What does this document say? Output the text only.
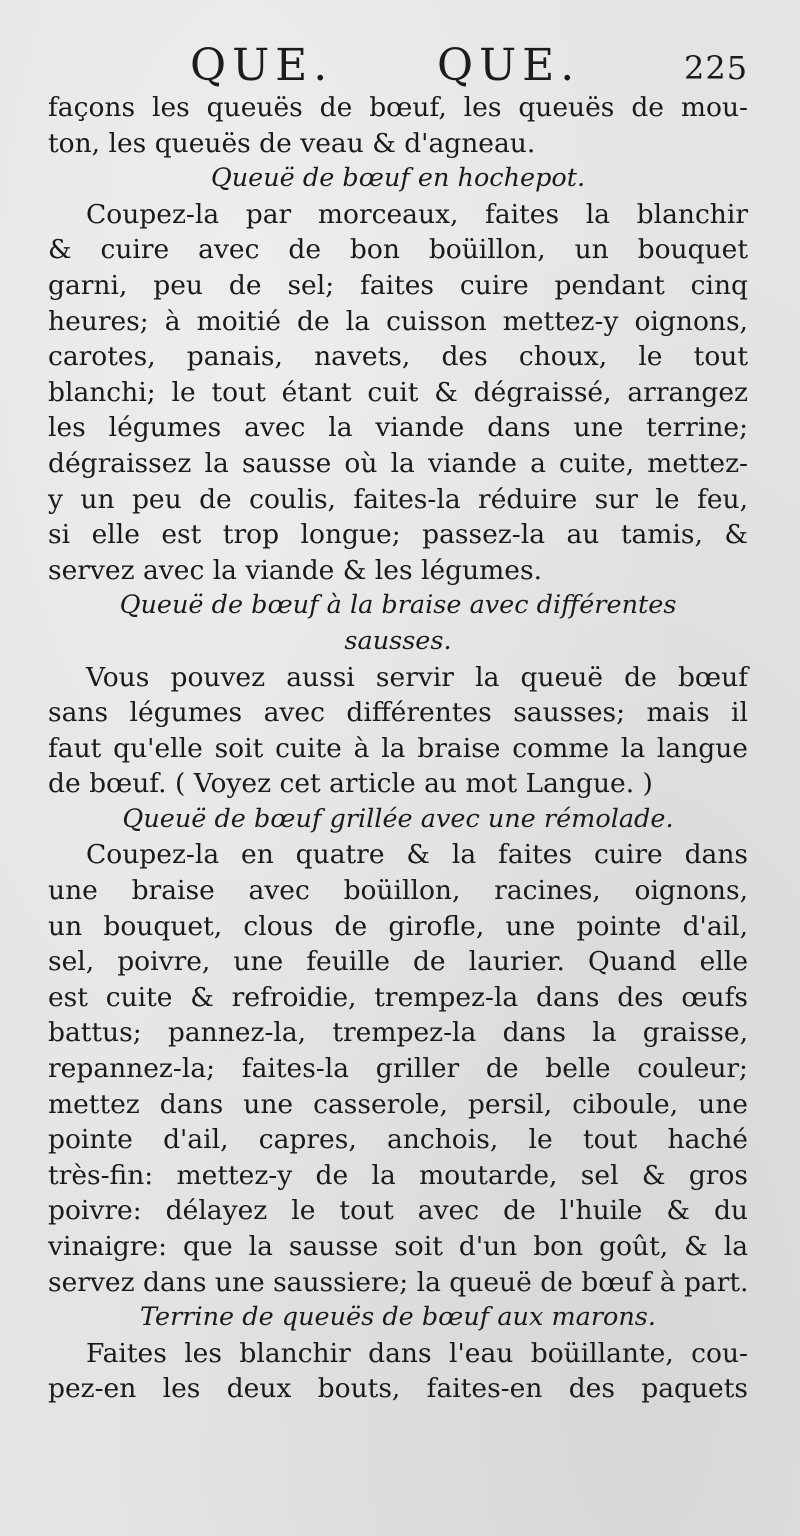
QUE. QUE.	225
façons les queuës de bœuf, les queuës de mou-
ton, les queuës de veau & d'agneau.
Queuë de bœuf en hochepot.
Coupez-la par morceaux, faites la blanchir
& cuire avec de bon boüillon, un bouquet
garni, peu de sel; faites cuire pendant cinq
heures; à moitié de la cuisson mettez-y oignons,
carotes, panais, navets, des choux, le tout
blanchi; le tout étant cuit & dégraissé, arrangez
les légumes avec la viande dans une terrine;
dégraissez la sausse où la viande a cuite, mettez-
y un peu de coulis, faites-la réduire sur le feu,
si elle est trop longue; passez-la au tamis, &
servez avec la viande & les légumes.
Queuë de bœuf à la braise avec différentes
sausses.
Vous pouvez aussi servir la queuë de bœuf
sans légumes avec différentes sausses; mais il
faut qu'elle soit cuite à la braise comme la langue
de bœuf. ( Voyez cet article au mot Langue. )
Queuë de bœuf grillée avec une rémolade.
Coupez-la en quatre & la faites cuire dans
une braise avec boüillon, racines, oignons,
un bouquet, clous de girofle, une pointe d'ail,
sel, poivre, une feuille de laurier. Quand elle
est cuite & refroidie, trempez-la dans des œufs
battus; pannez-la, trempez-la dans la graisse,
repannez-la; faites-la griller de belle couleur;
mettez dans une casserole, persil, ciboule, une
pointe d'ail, capres, anchois, le tout haché
très-fin: mettez-y de la moutarde, sel & gros
poivre: délayez le tout avec de l'huile & du
vinaigre: que la sausse soit d'un bon goût, & la
servez dans une saussiere; la queuë de bœuf à part.
Terrine de queuës de bœuf aux marons.
Faites les blanchir dans l'eau boüillante, cou-
pez-en les deux bouts, faites-en des paquets
